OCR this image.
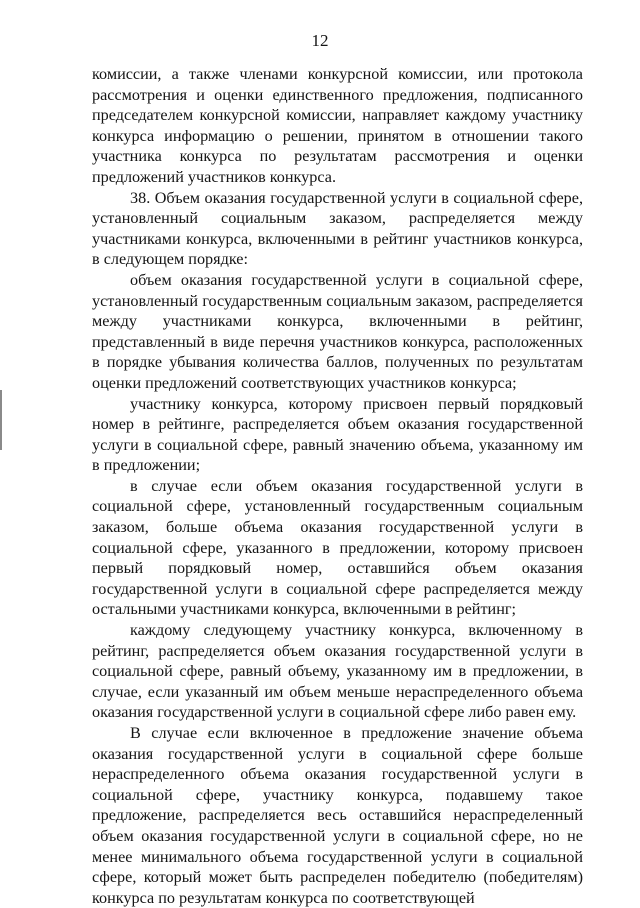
12

комиссии, а также членами конкурсной комиссии, или протокола рассмотрения и оценки единственного предложения, подписанного председателем конкурсной комиссии, направляет каждому участнику конкурса информацию о решении, принятом в отношении такого участника конкурса по результатам рассмотрения и оценки предложений участников конкурса.

38. Объем оказания государственной услуги в социальной сфере, установленный социальным заказом, распределяется между участниками конкурса, включенными в рейтинг участников конкурса, в следующем порядке:

объем оказания государственной услуги в социальной сфере, установленный государственным социальным заказом, распределяется между участниками конкурса, включенными в рейтинг, представленный в виде перечня участников конкурса, расположенных в порядке убывания количества баллов, полученных по результатам оценки предложений соответствующих участников конкурса;

участнику конкурса, которому присвоен первый порядковый номер в рейтинге, распределяется объем оказания государственной услуги в социальной сфере, равный значению объема, указанному им в предложении;

в случае если объем оказания государственной услуги в социальной сфере, установленный государственным социальным заказом, больше объема оказания государственной услуги в социальной сфере, указанного в предложении, которому присвоен первый порядковый номер, оставшийся объем оказания государственной услуги в социальной сфере распределяется между остальными участниками конкурса, включенными в рейтинг;

каждому следующему участнику конкурса, включенному в рейтинг, распределяется объем оказания государственной услуги в социальной сфере, равный объему, указанному им в предложении, в случае, если указанный им объем меньше нераспределенного объема оказания государственной услуги в социальной сфере либо равен ему.

В случае если включенное в предложение значение объема оказания государственной услуги в социальной сфере больше нераспределенного объема оказания государственной услуги в социальной сфере, участнику конкурса, подавшему такое предложение, распределяется весь оставшийся нераспределенный объем оказания государственной услуги в социальной сфере, но не менее минимального объема государственной услуги в социальной сфере, который может быть распределен победителю (победителям) конкурса по результатам конкурса по соответствующей
